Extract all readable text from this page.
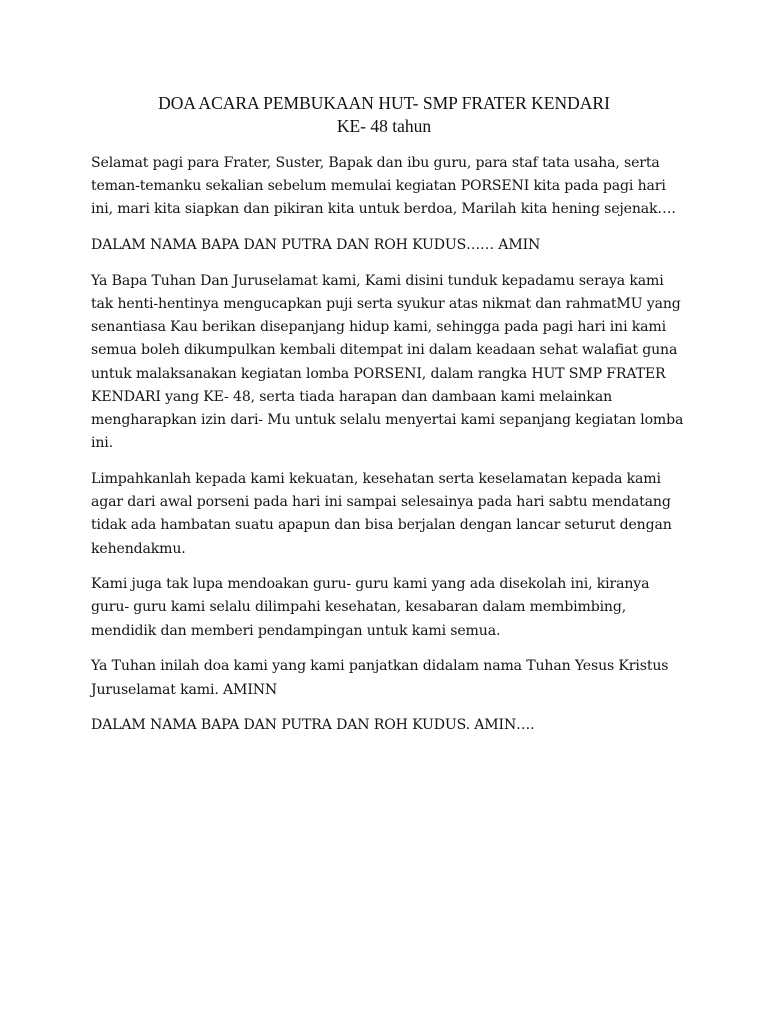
DOA ACARA PEMBUKAAN HUT- SMP FRATER KENDARI
KE- 48 tahun
Selamat pagi para Frater, Suster, Bapak dan ibu guru, para staf tata usaha, serta
teman-temanku sekalian sebelum memulai kegiatan PORSENI kita pada pagi hari
ini, mari kita siapkan dan pikiran kita untuk berdoa, Marilah kita hening sejenak….
DALAM NAMA BAPA DAN PUTRA DAN ROH KUDUS…… AMIN
Ya Bapa Tuhan Dan Juruselamat kami, Kami disini tunduk kepadamu seraya kami
tak henti-hentinya mengucapkan puji serta syukur atas nikmat dan rahmatMU yang
senantiasa Kau berikan disepanjang hidup kami, sehingga pada pagi hari ini kami
semua boleh dikumpulkan kembali ditempat ini dalam keadaan sehat walafiat guna
untuk malaksanakan kegiatan lomba PORSENI, dalam rangka HUT SMP FRATER
KENDARI yang KE- 48, serta tiada harapan dan dambaan kami melainkan
mengharapkan izin dari- Mu untuk selalu menyertai kami sepanjang kegiatan lomba
ini.
Limpahkanlah kepada kami kekuatan, kesehatan serta keselamatan kepada kami
agar dari awal porseni pada hari ini sampai selesainya pada hari sabtu mendatang
tidak ada hambatan suatu apapun dan bisa berjalan dengan lancar seturut dengan
kehendakmu.
Kami juga tak lupa mendoakan guru- guru kami yang ada disekolah ini, kiranya
guru- guru kami selalu dilimpahi kesehatan, kesabaran dalam membimbing,
mendidik dan memberi pendampingan untuk kami semua.
Ya Tuhan inilah doa kami yang kami panjatkan didalam nama Tuhan Yesus Kristus
Juruselamat kami. AMINN
DALAM NAMA BAPA DAN PUTRA DAN ROH KUDUS. AMIN….
